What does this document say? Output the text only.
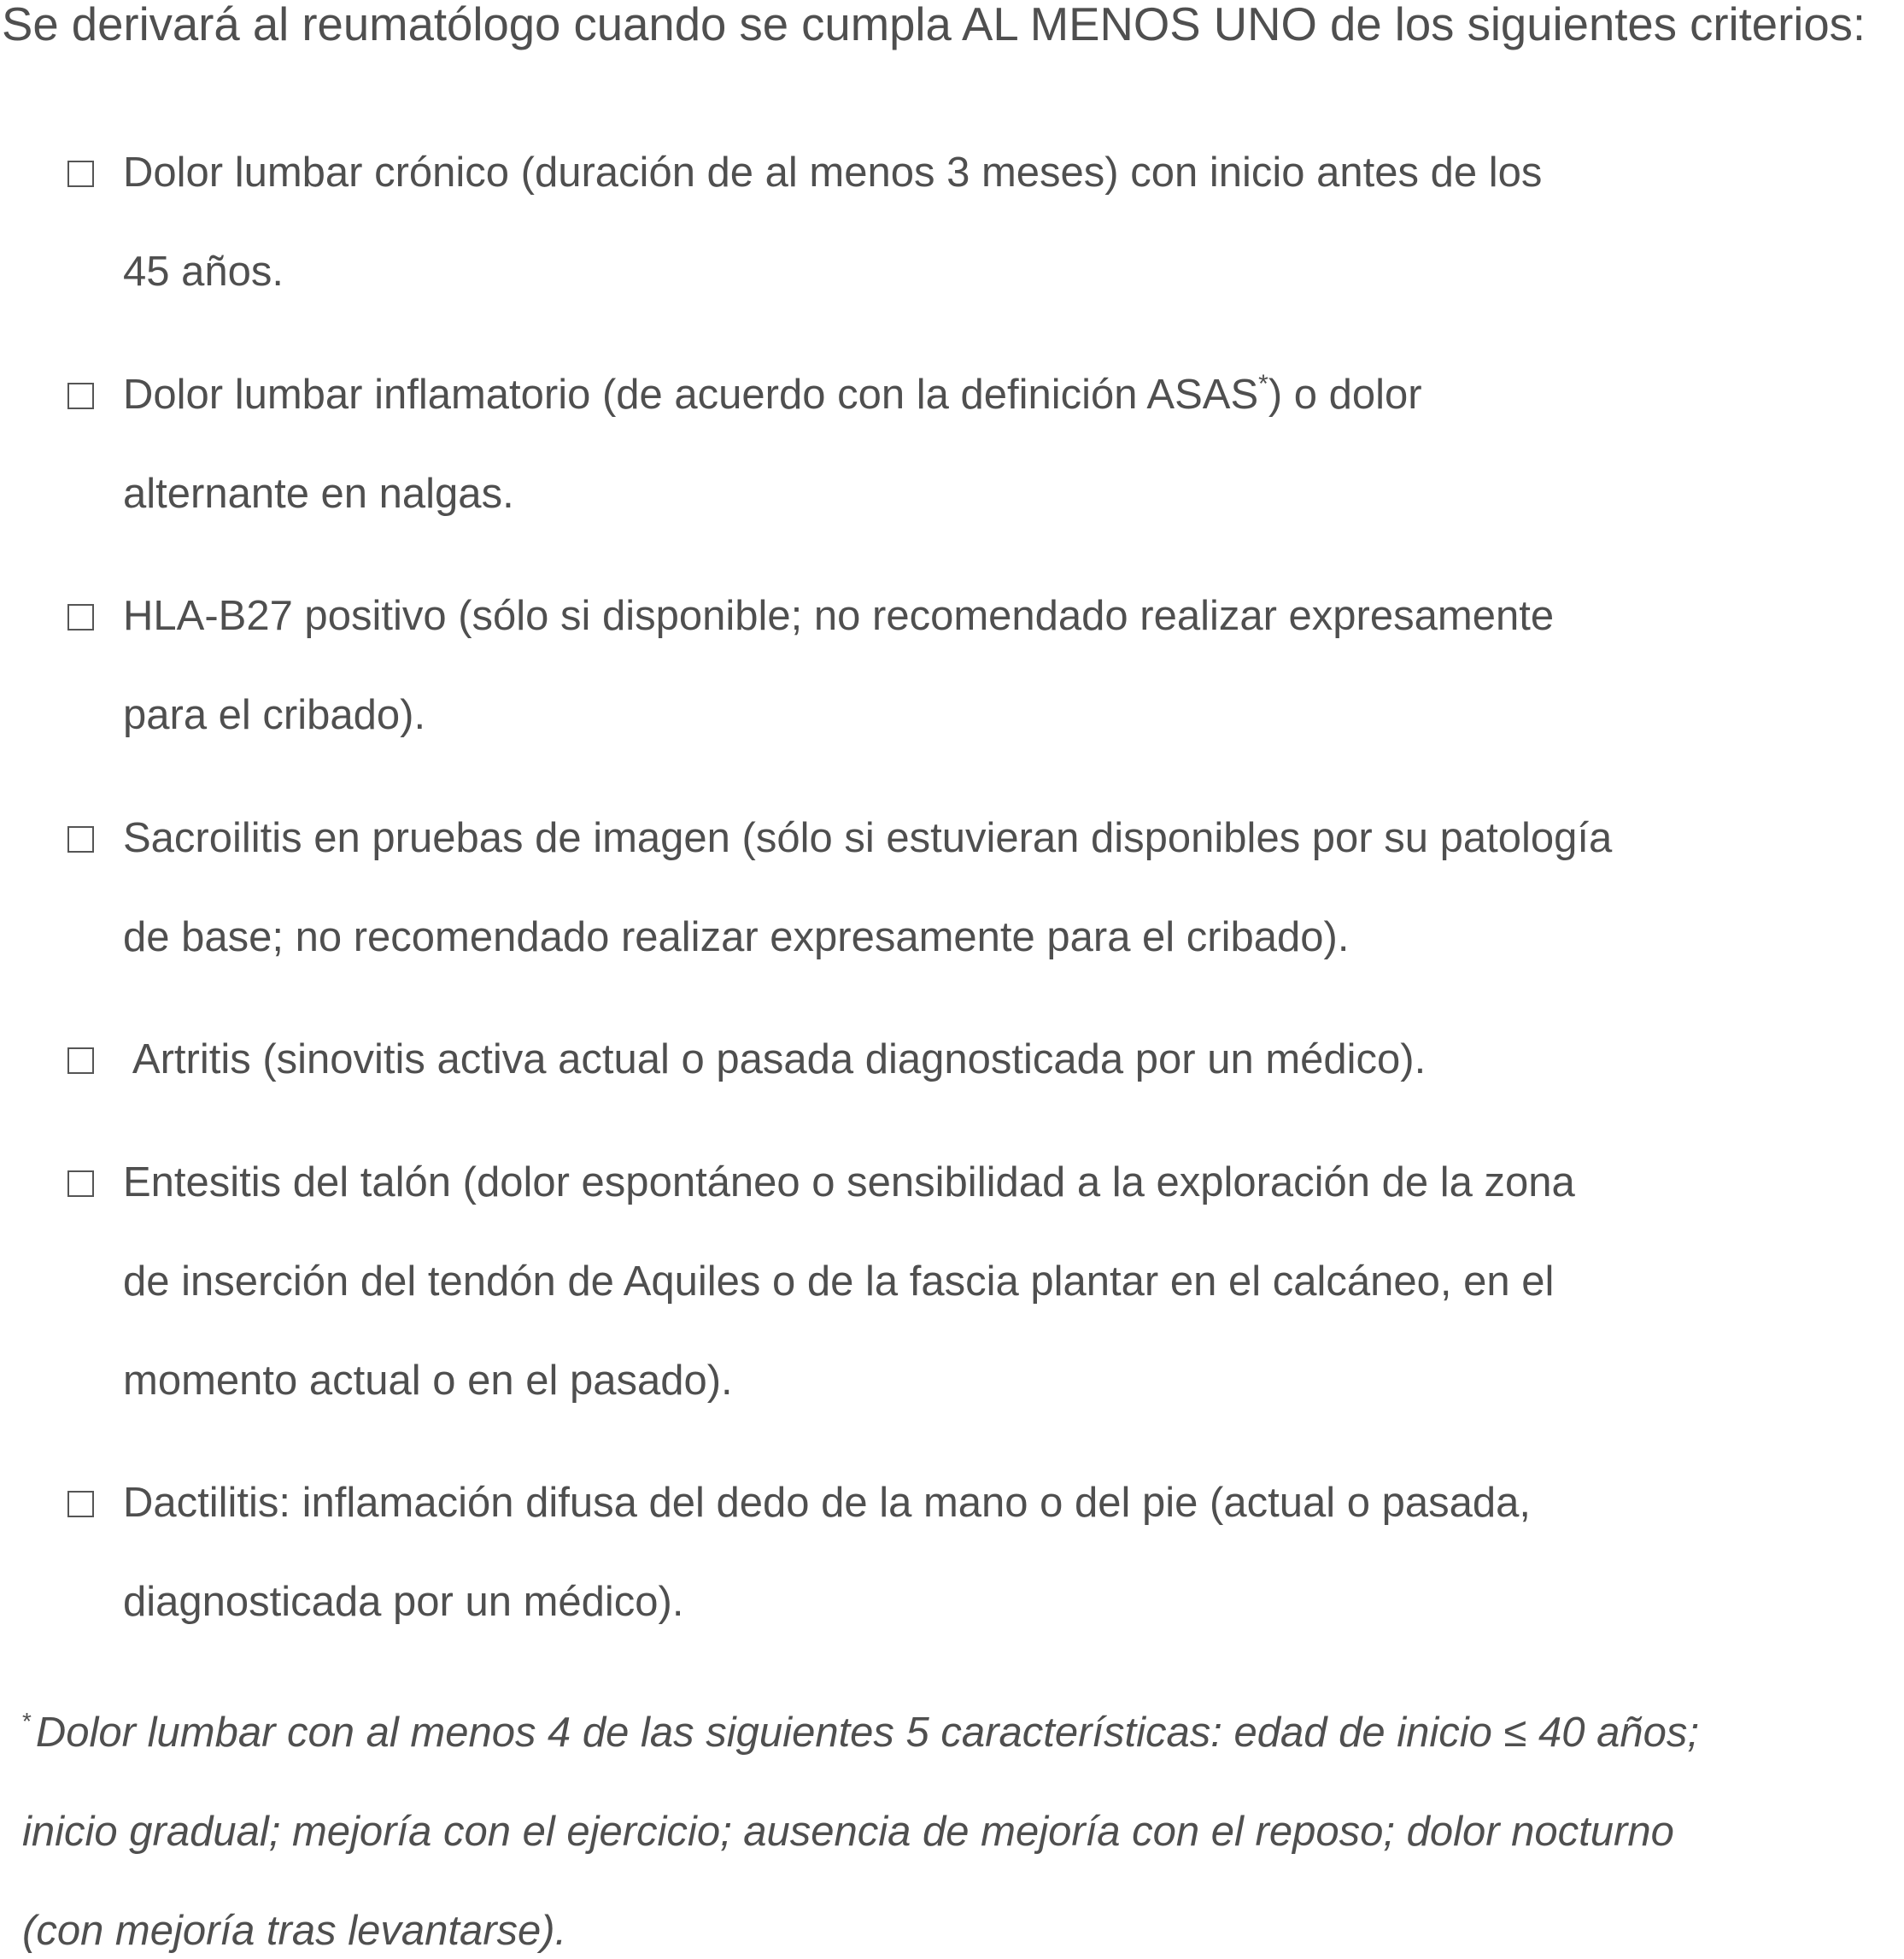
Se derivará al reumatólogo cuando se cumpla AL MENOS UNO de los siguientes criterios:

Dolor lumbar crónico (duración de al menos 3 meses) con inicio antes de los
45 años.
Dolor lumbar inflamatorio (de acuerdo con la definición ASAS*) o dolor
alternante en nalgas.
HLA-B27 positivo (sólo si disponible; no recomendado realizar expresamente
para el cribado).
Sacroilitis en pruebas de imagen (sólo si estuvieran disponibles por su patología
de base; no recomendado realizar expresamente para el cribado).
Artritis (sinovitis activa actual o pasada diagnosticada por un médico).
Entesitis del talón (dolor espontáneo o sensibilidad a la exploración de la zona
de inserción del tendón de Aquiles o de la fascia plantar en el calcáneo, en el
momento actual o en el pasado).
Dactilitis: inflamación difusa del dedo de la mano o del pie (actual o pasada,
diagnosticada por un médico).
* Dolor lumbar con al menos 4 de las siguientes 5 características: edad de inicio ≤ 40 años;
inicio gradual; mejoría con el ejercicio; ausencia de mejoría con el reposo; dolor nocturno
(con mejoría tras levantarse).
